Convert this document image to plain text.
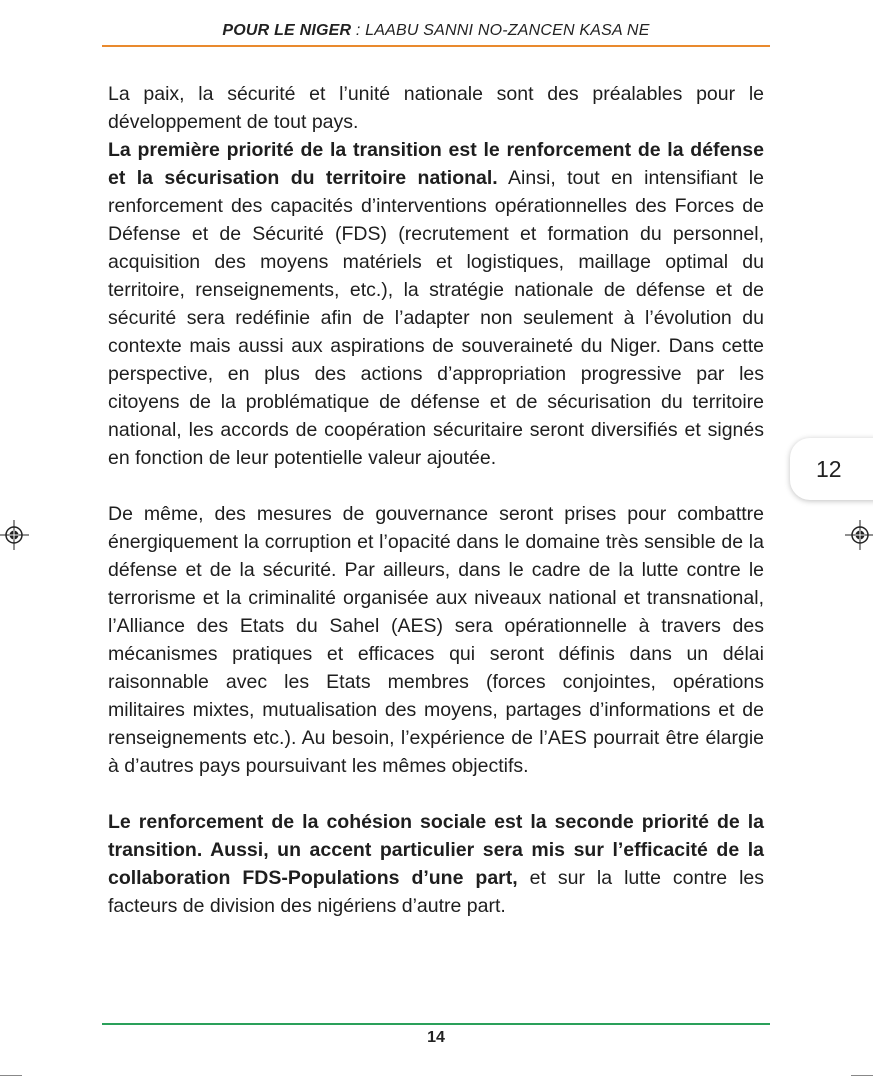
POUR LE NIGER : LAABU SANNI NO-ZANCEN KASA NE

La paix, la sécurité et l’unité nationale sont des préalables pour le développement de tout pays.

La première priorité de la transition est le renforcement de la défense et la sécurisation du territoire national. Ainsi, tout en intensifiant le renforcement des capacités d’interventions opérationnelles des Forces de Défense et de Sécurité (FDS) (recrutement et formation du personnel, acquisition des moyens matériels et logistiques, maillage optimal du territoire, renseignements, etc.), la stratégie nationale de défense et de sécurité sera redéfinie afin de l’adapter non seulement à l’évolution du contexte mais aussi aux aspirations de souveraineté du Niger. Dans cette perspective, en plus des actions d’appropriation progressive par les citoyens de la problématique de défense et de sécurisation du territoire national, les accords de coopération sécuritaire seront diversifiés et signés en fonction de leur potentielle valeur ajoutée.

De même, des mesures de gouvernance seront prises pour combattre énergiquement la corruption et l’opacité dans le domaine très sensible de la défense et de la sécurité. Par ailleurs, dans le cadre de la lutte contre le terrorisme et la criminalité organisée aux niveaux national et transnational, l’Alliance des Etats du Sahel (AES) sera opérationnelle à travers des mécanismes pratiques et efficaces qui seront définis dans un délai raisonnable avec les Etats membres (forces conjointes, opérations militaires mixtes, mutualisation des moyens, partages d’informations et de renseignements etc.). Au besoin, l’expérience de l’AES pourrait être élargie à d’autres pays poursuivant les mêmes objectifs.

Le renforcement de la cohésion sociale est la seconde priorité de la transition. Aussi, un accent particulier sera mis sur l’efficacité de la collaboration FDS-Populations d’une part, et sur la lutte contre les facteurs de division des nigériens d’autre part.

12
14
